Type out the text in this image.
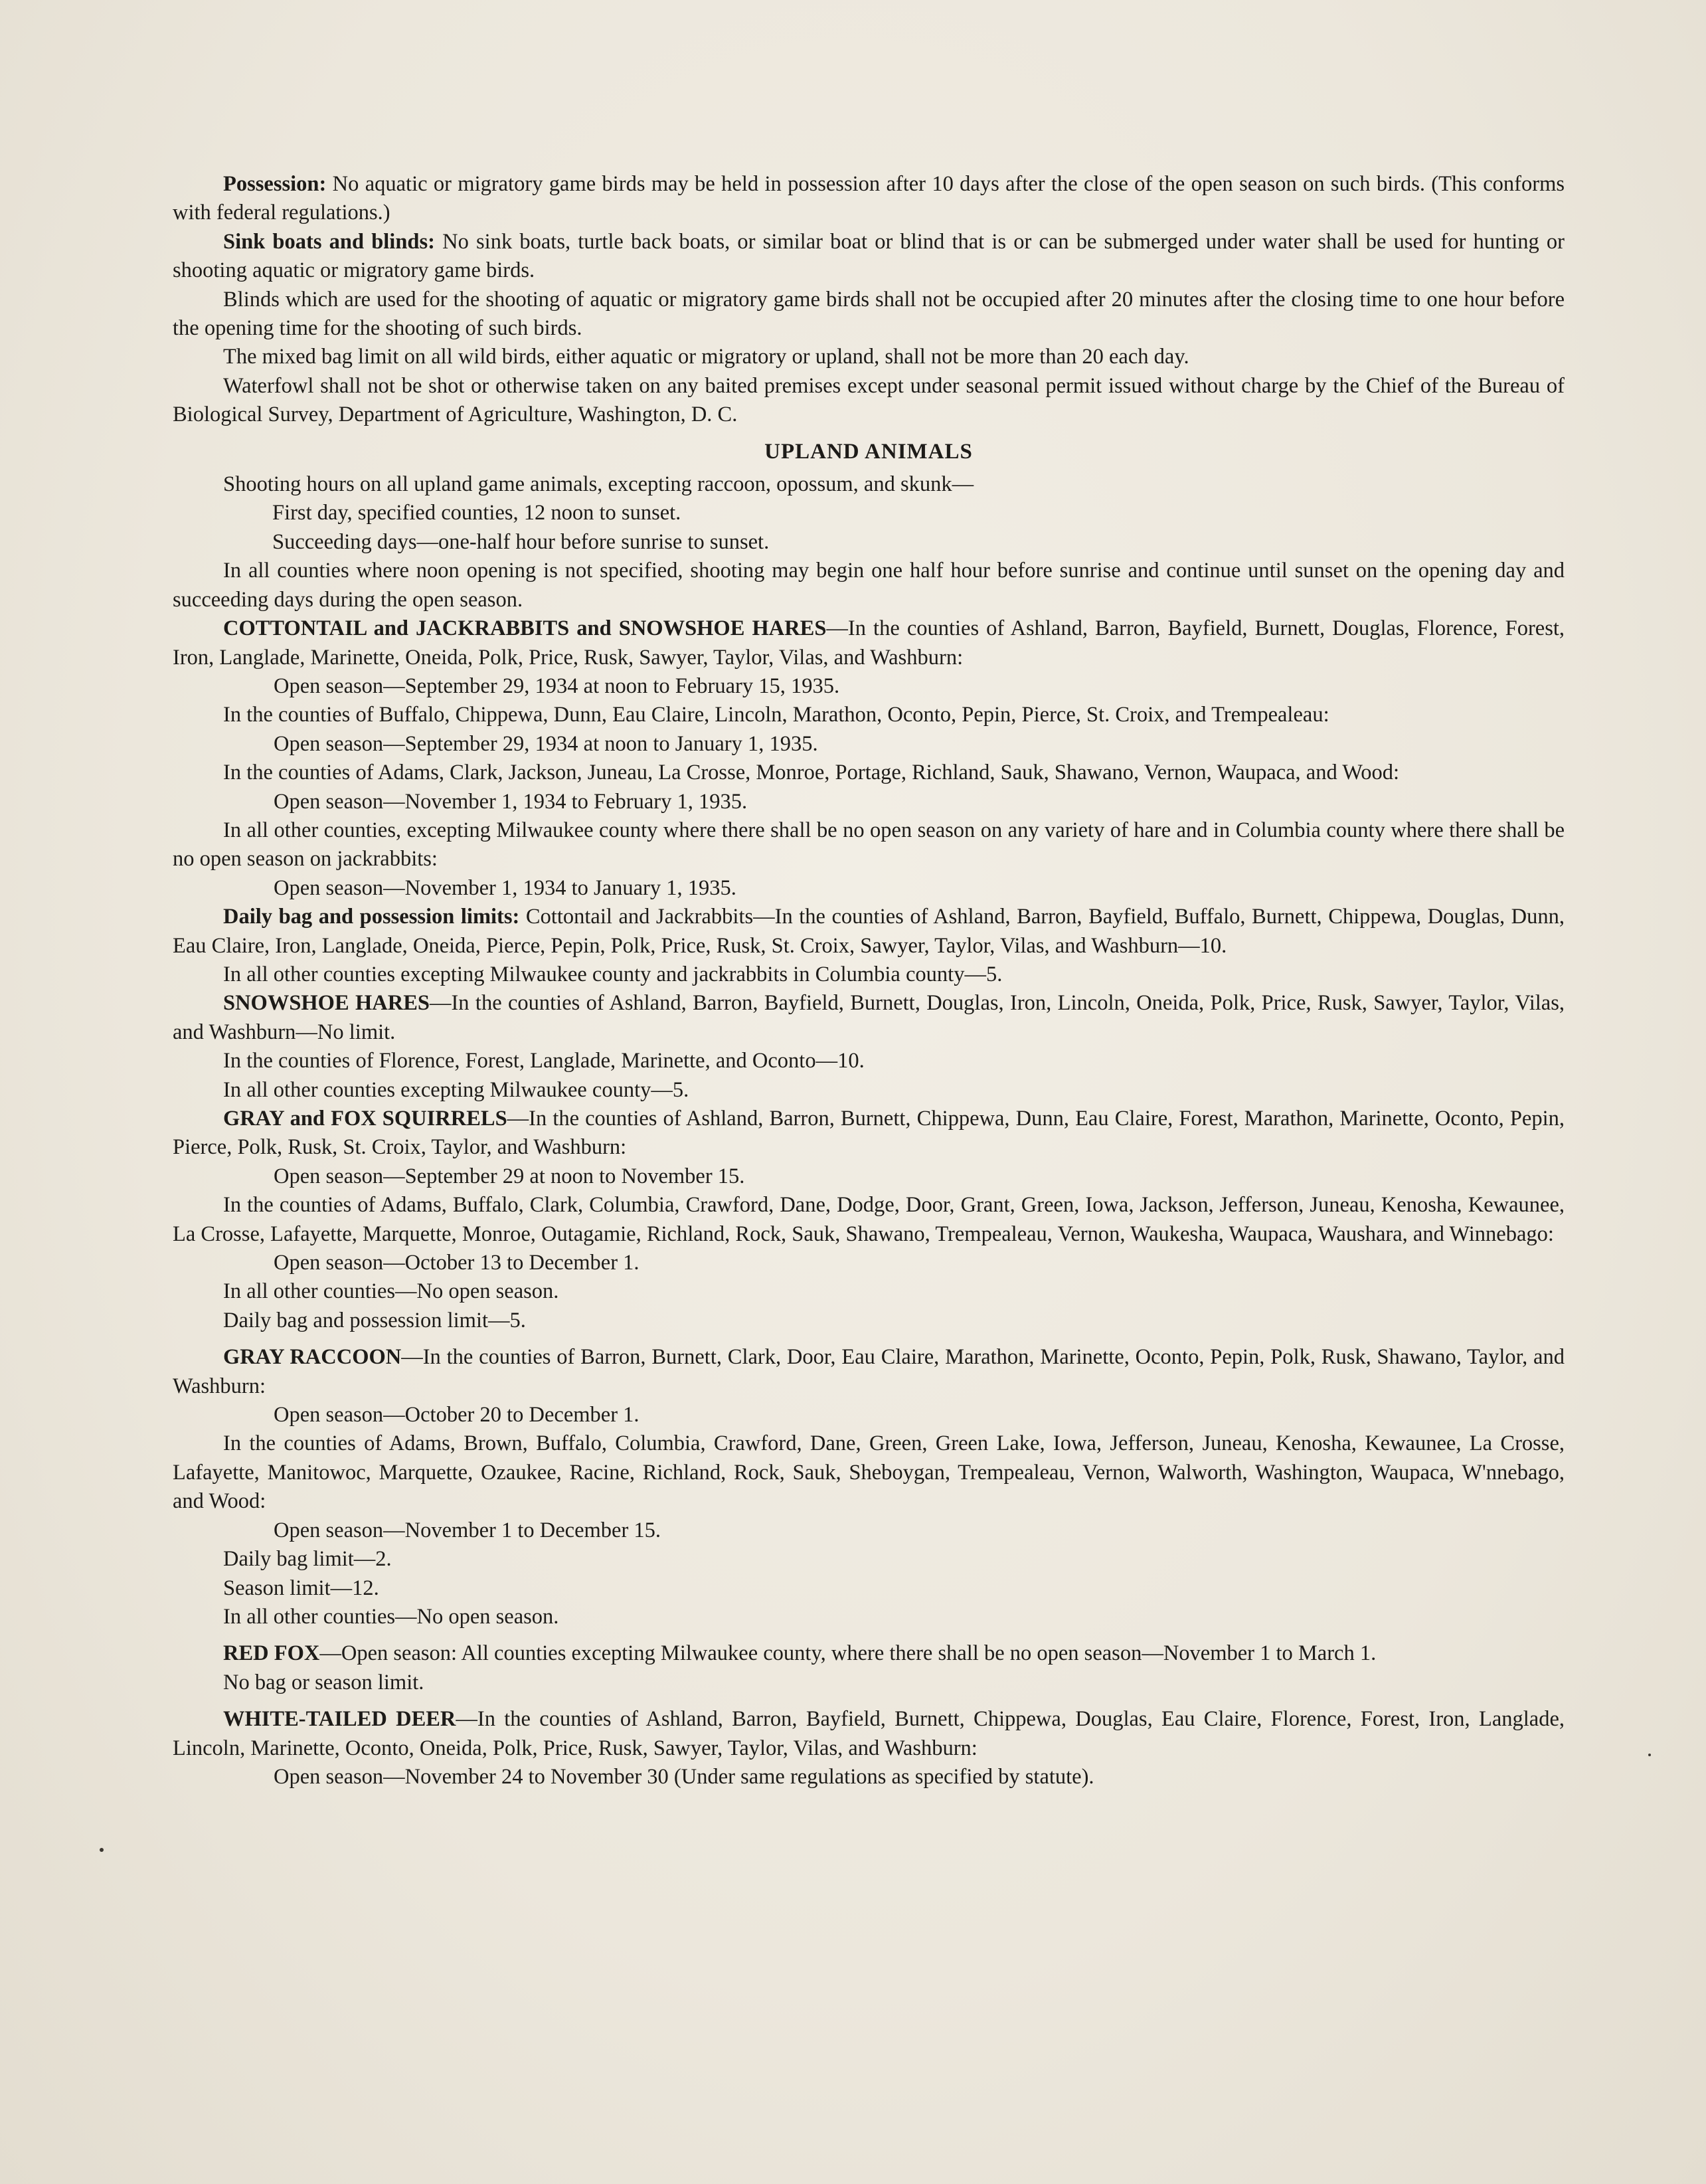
Possession: No aquatic or migratory game birds may be held in possession after 10 days after the close of the open season on such birds. (This conforms with federal regulations.)

Sink boats and blinds: No sink boats, turtle back boats, or similar boat or blind that is or can be submerged under water shall be used for hunting or shooting aquatic or migratory game birds.

Blinds which are used for the shooting of aquatic or migratory game birds shall not be occupied after 20 minutes after the closing time to one hour before the opening time for the shooting of such birds.

The mixed bag limit on all wild birds, either aquatic or migratory or upland, shall not be more than 20 each day.

Waterfowl shall not be shot or otherwise taken on any baited premises except under seasonal permit issued without charge by the Chief of the Bureau of Biological Survey, Department of Agriculture, Washington, D. C.

UPLAND ANIMALS

Shooting hours on all upland game animals, excepting raccoon, opossum, and skunk—

First day, specified counties, 12 noon to sunset.

Succeeding days—one-half hour before sunrise to sunset.

In all counties where noon opening is not specified, shooting may begin one half hour before sunrise and continue until sunset on the opening day and succeeding days during the open season.

COTTONTAIL and JACKRABBITS and SNOWSHOE HARES—In the counties of Ashland, Barron, Bayfield, Burnett, Douglas, Florence, Forest, Iron, Langlade, Marinette, Oneida, Polk, Price, Rusk, Sawyer, Taylor, Vilas, and Washburn:

Open season—September 29, 1934 at noon to February 15, 1935.

In the counties of Buffalo, Chippewa, Dunn, Eau Claire, Lincoln, Marathon, Oconto, Pepin, Pierce, St. Croix, and Trempealeau:

Open season—September 29, 1934 at noon to January 1, 1935.

In the counties of Adams, Clark, Jackson, Juneau, La Crosse, Monroe, Portage, Richland, Sauk, Shawano, Vernon, Waupaca, and Wood:

Open season—November 1, 1934 to February 1, 1935.

In all other counties, excepting Milwaukee county where there shall be no open season on any variety of hare and in Columbia county where there shall be no open season on jackrabbits:

Open season—November 1, 1934 to January 1, 1935.

Daily bag and possession limits: Cottontail and Jackrabbits—In the counties of Ashland, Barron, Bayfield, Buffalo, Burnett, Chippewa, Douglas, Dunn, Eau Claire, Iron, Langlade, Oneida, Pierce, Pepin, Polk, Price, Rusk, St. Croix, Sawyer, Taylor, Vilas, and Washburn—10.

In all other counties excepting Milwaukee county and jackrabbits in Columbia county—5.

SNOWSHOE HARES—In the counties of Ashland, Barron, Bayfield, Burnett, Douglas, Iron, Lincoln, Oneida, Polk, Price, Rusk, Sawyer, Taylor, Vilas, and Washburn—No limit.

In the counties of Florence, Forest, Langlade, Marinette, and Oconto—10.

In all other counties excepting Milwaukee county—5.

GRAY and FOX SQUIRRELS—In the counties of Ashland, Barron, Burnett, Chippewa, Dunn, Eau Claire, Forest, Marathon, Marinette, Oconto, Pepin, Pierce, Polk, Rusk, St. Croix, Taylor, and Washburn:

Open season—September 29 at noon to November 15.

In the counties of Adams, Buffalo, Clark, Columbia, Crawford, Dane, Dodge, Door, Grant, Green, Iowa, Jackson, Jefferson, Juneau, Kenosha, Kewaunee, La Crosse, Lafayette, Marquette, Monroe, Outagamie, Richland, Rock, Sauk, Shawano, Trempealeau, Vernon, Waukesha, Waupaca, Waushara, and Winnebago:

Open season—October 13 to December 1.

In all other counties—No open season.

Daily bag and possession limit—5.

GRAY RACCOON—In the counties of Barron, Burnett, Clark, Door, Eau Claire, Marathon, Marinette, Oconto, Pepin, Polk, Rusk, Shawano, Taylor, and Washburn:

Open season—October 20 to December 1.

In the counties of Adams, Brown, Buffalo, Columbia, Crawford, Dane, Green, Green Lake, Iowa, Jefferson, Juneau, Kenosha, Kewaunee, La Crosse, Lafayette, Manitowoc, Marquette, Ozaukee, Racine, Richland, Rock, Sauk, Sheboygan, Trempealeau, Vernon, Walworth, Washington, Waupaca, W'nnebago, and Wood:

Open season—November 1 to December 15.

Daily bag limit—2.

Season limit—12.

In all other counties—No open season.

RED FOX—Open season: All counties excepting Milwaukee county, where there shall be no open season—November 1 to March 1.

No bag or season limit.

WHITE-TAILED DEER—In the counties of Ashland, Barron, Bayfield, Burnett, Chippewa, Douglas, Eau Claire, Florence, Forest, Iron, Langlade, Lincoln, Marinette, Oconto, Oneida, Polk, Price, Rusk, Sawyer, Taylor, Vilas, and Washburn:

Open season—November 24 to November 30 (Under same regulations as specified by statute).
